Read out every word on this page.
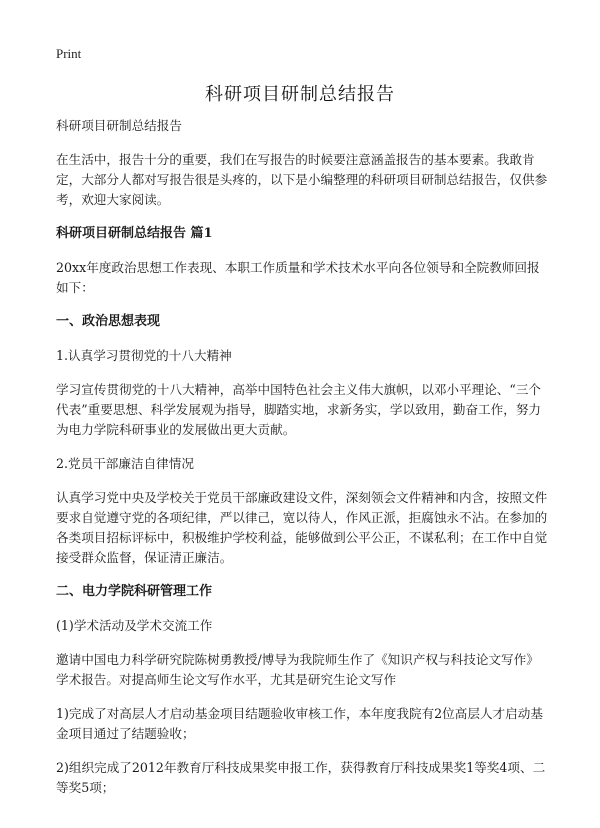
Print
科研项目研制总结报告

科研项目研制总结报告

在生活中，报告十分的重要，我们在写报告的时候要注意涵盖报告的基本要素。我敢肯定，大部分人都对写报告很是头疼的，以下是小编整理的科研项目研制总结报告，仅供参考，欢迎大家阅读。

科研项目研制总结报告 篇1

20xx年度政治思想工作表现、本职工作质量和学术技术水平向各位领导和全院教师回报如下：

一、政治思想表现

1.认真学习贯彻党的十八大精神

学习宣传贯彻党的十八大精神，高举中国特色社会主义伟大旗帜，以邓小平理论、“三个代表”重要思想、科学发展观为指导，脚踏实地，求新务实，学以致用，勤奋工作，努力为电力学院科研事业的发展做出更大贡献。

2.党员干部廉洁自律情况

认真学习党中央及学校关于党员干部廉政建设文件，深刻领会文件精神和内含，按照文件要求自觉遵守党的各项纪律，严以律己，宽以待人，作风正派，拒腐蚀永不沾。在参加的各类项目招标评标中，积极维护学校利益，能够做到公平公正，不谋私利；在工作中自觉接受群众监督，保证清正廉洁。

二、电力学院科研管理工作

(1)学术活动及学术交流工作

邀请中国电力科学研究院陈树勇教授/博导为我院师生作了《知识产权与科技论文写作》学术报告。对提高师生论文写作水平，尤其是研究生论文写作

1)完成了对高层人才启动基金项目结题验收审核工作，本年度我院有2位高层人才启动基金项目通过了结题验收；

2)组织完成了2012年教育厅科技成果奖申报工作，获得教育厅科技成果奖1等奖4项、二等奖5项；
